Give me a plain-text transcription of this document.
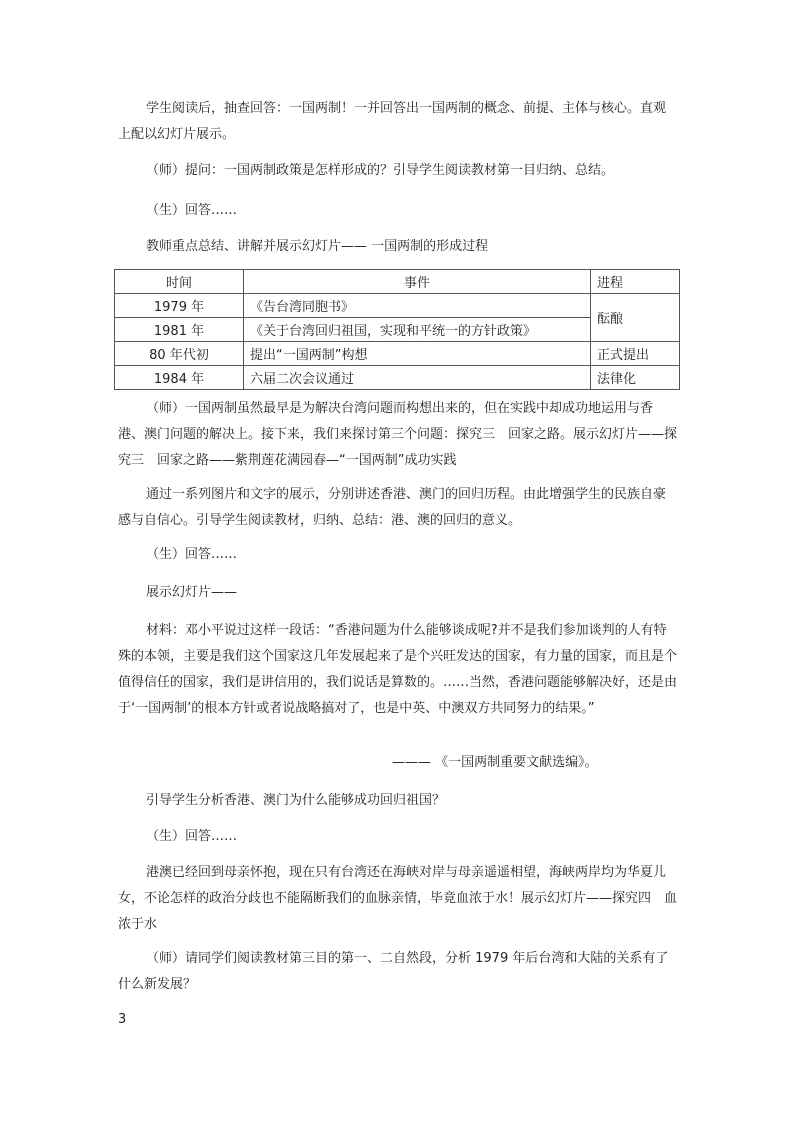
学生阅读后，抽查回答：一国两制！一并回答出一国两制的概念、前提、主体与核心。直观上配以幻灯片展示。

（师）提问：一国两制政策是怎样形成的？引导学生阅读教材第一目归纳、总结。

（生）回答……

教师重点总结、讲解并展示幻灯片—— 一国两制的形成过程

时间	事件	进程
1979 年	《告台湾同胞书》	酝酿
1981 年	《关于台湾回归祖国，实现和平统一的方针政策》	
80 年代初	提出“一国两制”构想	正式提出
1984 年	六届二次会议通过	法律化

（师）一国两制虽然最早是为解决台湾问题而构想出来的，但在实践中却成功地运用与香港、澳门问题的解决上。接下来，我们来探讨第三个问题：探究三　回家之路。展示幻灯片——探究三　回家之路——紫荆莲花满园春—“一国两制”成功实践

通过一系列图片和文字的展示，分别讲述香港、澳门的回归历程。由此增强学生的民族自豪感与自信心。引导学生阅读教材，归纳、总结：港、澳的回归的意义。

（生）回答……

展示幻灯片——

材料：邓小平说过这样一段话：“香港问题为什么能够谈成呢?并不是我们参加谈判的人有特殊的本领，主要是我们这个国家这几年发展起来了是个兴旺发达的国家，有力量的国家，而且是个值得信任的国家，我们是讲信用的，我们说话是算数的。……当然，香港问题能够解决好，还是由于‘一国两制’的根本方针或者说战略搞对了，也是中英、中澳双方共同努力的结果。”

——— 《一国两制重要文献选编》。

引导学生分析香港、澳门为什么能够成功回归祖国？

（生）回答……

港澳已经回到母亲怀抱，现在只有台湾还在海峡对岸与母亲遥遥相望，海峡两岸均为华夏儿女，不论怎样的政治分歧也不能隔断我们的血脉亲情，毕竟血浓于水！展示幻灯片——探究四　血浓于水

（师）请同学们阅读教材第三目的第一、二自然段，分析 1979 年后台湾和大陆的关系有了什么新发展？

3
